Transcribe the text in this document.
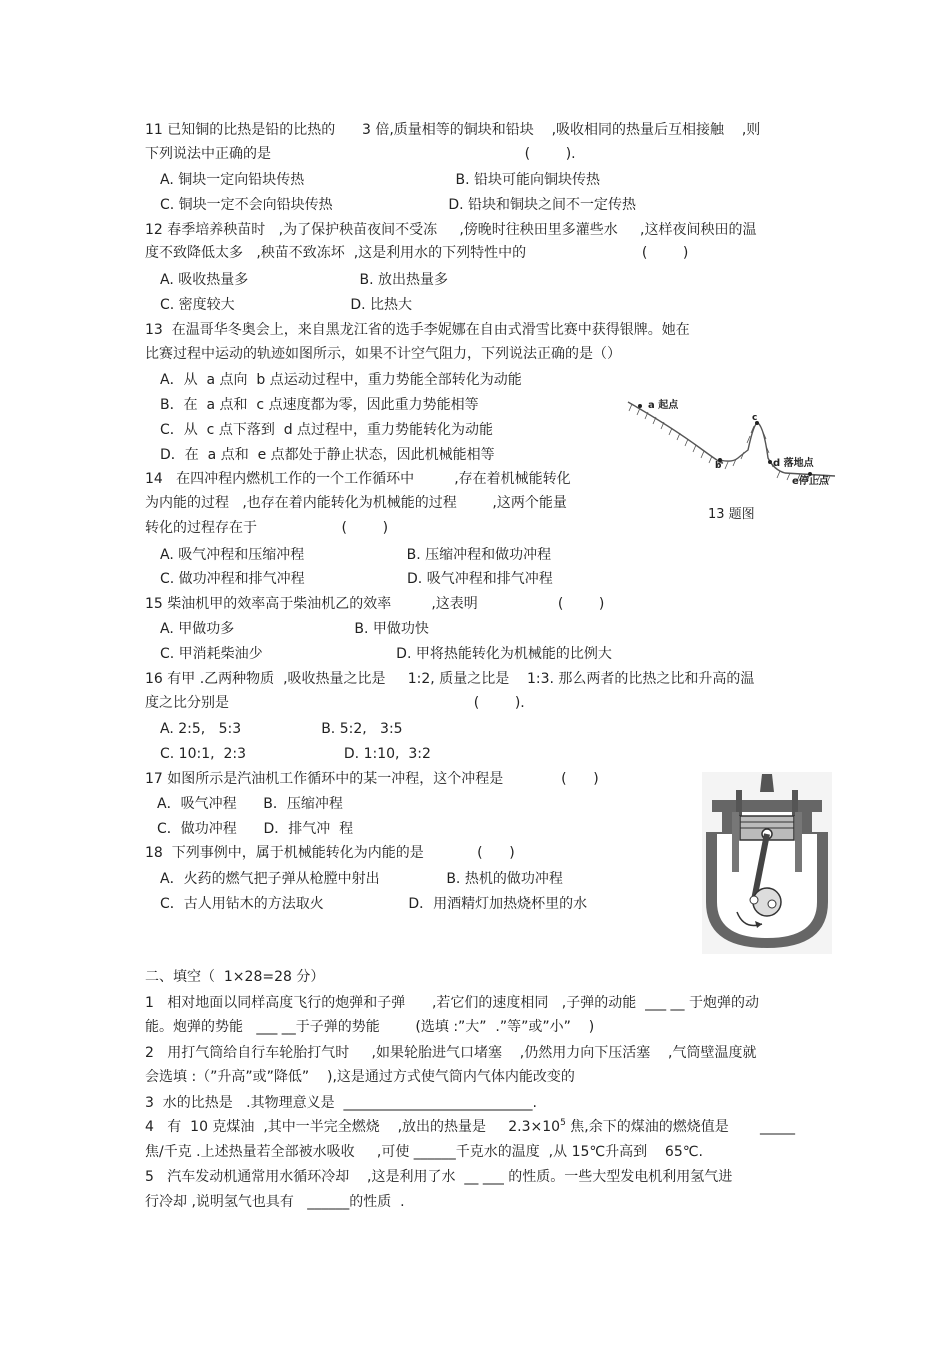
11 已知铜的比热是铅的比热的      3 倍,质量相等的铜块和铅块    ,吸收相同的热量后互相接触    ,则
下列说法中正确的是                                                         (        ).
A. 铜块一定向铅块传热                                  B. 铅块可能向铜块传热
C. 铜块一定不会向铅块传热                          D. 铅块和铜块之间不一定传热
12 春季培养秧苗时   ,为了保护秧苗夜间不受冻     ,傍晚时往秧田里多灌些水     ,这样夜间秧田的温
度不致降低太多   ,秧苗不致冻坏  ,这是利用水的下列特性中的                          (        )
A. 吸收热量多                         B. 放出热量多
C. 密度较大                          D. 比热大
13  在温哥华冬奥会上，来自黑龙江省的选手李妮娜在自由式滑雪比赛中获得银牌。她在
比赛过程中运动的轨迹如图所示，如果不计空气阻力，下列说法正确的是（）
A．从  a 点向  b 点运动过程中，重力势能全部转化为动能
B．在  a 点和  c 点速度都为零，因此重力势能相等
C．从  c 点下落到  d 点过程中，重力势能转化为动能
D．在  a 点和  e 点都处于静止状态，因此机械能相等
14   在四冲程内燃机工作的一个工作循环中         ,存在着机械能转化
为内能的过程   ,也存在着内能转化为机械能的过程        ,这两个能量
转化的过程存在于                   (        )
A. 吸气冲程和压缩冲程                       B. 压缩冲程和做功冲程
C. 做功冲程和排气冲程                       D. 吸气冲程和排气冲程
15 柴油机甲的效率高于柴油机乙的效率         ,这表明                  (        )
A. 甲做功多                           B. 甲做功快
C. 甲消耗柴油少                              D. 甲将热能转化为机械能的比例大
16 有甲 .乙两种物质  ,吸收热量之比是     1:2, 质量之比是    1:3. 那么两者的比热之比和升高的温
度之比分别是                                                       (        ).
A. 2:5,   5:3                  B. 5:2,   3:5
C. 10:1,  2:3                      D. 1:10,  3:2
17 如图所示是汽油机工作循环中的某一冲程，这个冲程是             (      )
A．吸气冲程      B．压缩冲程
C．做功冲程      D．排气冲  程
18  下列事例中，属于机械能转化为内能的是            (      )
A．火药的燃气把子弹从枪膛中射出               B. 热机的做功冲程
C．古人用钻木的方法取火                   D．用酒精灯加热烧杯里的水
二、填空（  1×28=28 分）
1   相对地面以同样高度飞行的炮弹和子弹      ,若它们的速度相同   ,子弹的动能  ___ __ 于炮弹的动
能。炮弹的势能   ___ __于子弹的势能        (选填 :”大”  .”等”或”小”    )
2   用打气筒给自行车轮胎打气时     ,如果轮胎进气口堵塞    ,仍然用力向下压活塞    ,气筒壁温度就
会选填 :（”升高”或”降低”    ),这是通过方式使气筒内气体内能改变的
3  水的比热是   .其物理意义是  ___________________________.
4   有  10 克煤油  ,其中一半完全燃烧    ,放出的热量是     $2.3\times 10^5$ 焦,余下的煤油的燃烧值是 _____
焦/千克 .上述热量若全部被水吸收     ,可使 ______千克水的温度  ,从 15℃升高到    65℃.
5   汽车发动机通常用水循环冷却    ,这是利用了水  __ ___ 的性质。一些大型发电机利用氢气进
行冷却 ,说明氢气也具有   ______的性质  .
a 起点
b
c
d 落地点
e停止点
13 题图
